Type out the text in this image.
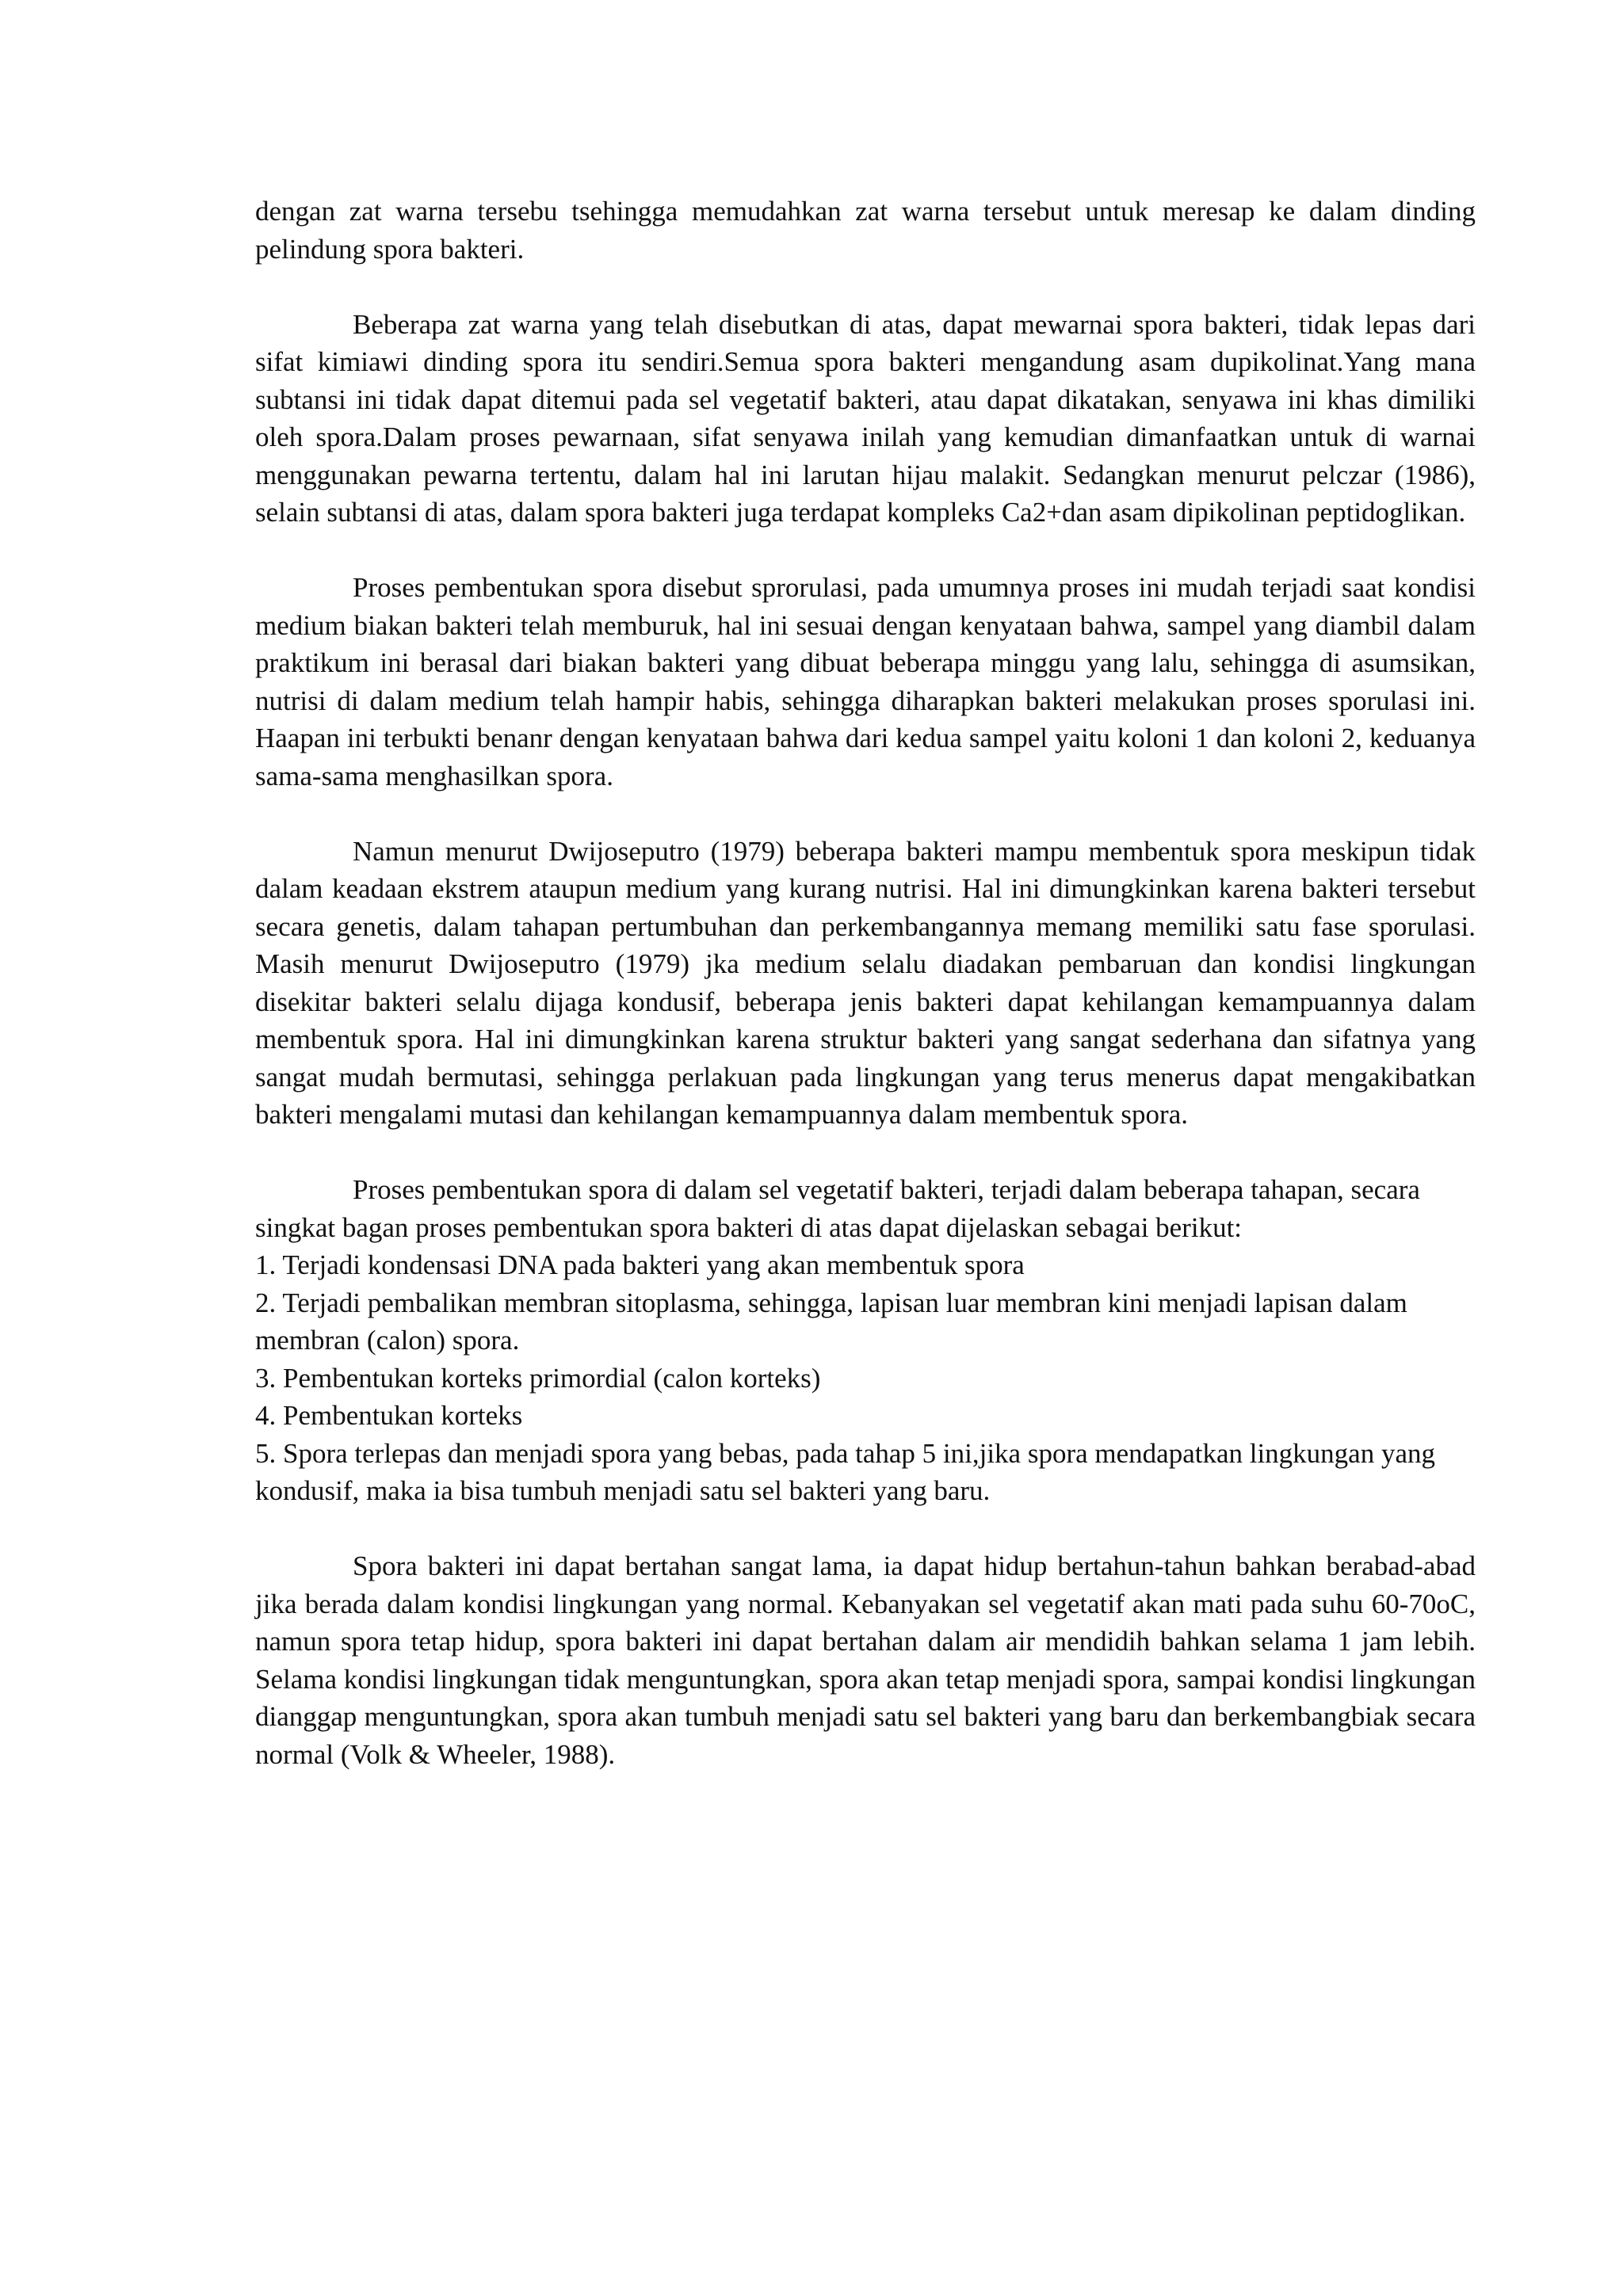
dengan zat warna tersebu tsehingga memudahkan zat warna tersebut untuk meresap ke dalam dinding pelindung spora bakteri.

Beberapa zat warna yang telah disebutkan di atas, dapat mewarnai spora bakteri, tidak lepas dari sifat kimiawi dinding spora itu sendiri.Semua spora bakteri mengandung asam dupikolinat.Yang mana subtansi ini tidak dapat ditemui pada sel vegetatif bakteri, atau dapat dikatakan, senyawa ini khas dimiliki oleh spora.Dalam proses pewarnaan, sifat senyawa inilah yang kemudian dimanfaatkan untuk di warnai menggunakan pewarna tertentu, dalam hal ini larutan hijau malakit. Sedangkan menurut pelczar (1986), selain subtansi di atas, dalam spora bakteri juga terdapat kompleks Ca2+dan asam dipikolinan peptidoglikan.

Proses pembentukan spora disebut sprorulasi, pada umumnya proses ini mudah terjadi saat kondisi medium biakan bakteri telah memburuk, hal ini sesuai dengan kenyataan bahwa, sampel yang diambil dalam praktikum ini berasal dari biakan bakteri yang dibuat beberapa minggu yang lalu, sehingga di asumsikan, nutrisi di dalam medium telah hampir habis, sehingga diharapkan bakteri melakukan proses sporulasi ini. Haapan ini terbukti benanr dengan kenyataan bahwa dari kedua sampel yaitu koloni 1 dan koloni 2, keduanya sama-sama menghasilkan spora.

Namun menurut Dwijoseputro (1979) beberapa bakteri mampu membentuk spora meskipun tidak dalam keadaan ekstrem ataupun medium yang kurang nutrisi. Hal ini dimungkinkan karena bakteri tersebut secara genetis, dalam tahapan pertumbuhan dan perkembangannya memang memiliki satu fase sporulasi. Masih menurut Dwijoseputro (1979) jka medium selalu diadakan pembaruan dan kondisi lingkungan disekitar bakteri selalu dijaga kondusif, beberapa jenis bakteri dapat kehilangan kemampuannya dalam membentuk spora. Hal ini dimungkinkan karena struktur bakteri yang sangat sederhana dan sifatnya yang sangat mudah bermutasi, sehingga perlakuan pada lingkungan yang terus menerus dapat mengakibatkan bakteri mengalami mutasi dan kehilangan kemampuannya dalam membentuk spora.

Proses pembentukan spora di dalam sel vegetatif bakteri, terjadi dalam beberapa tahapan, secara singkat bagan proses pembentukan spora bakteri di atas dapat dijelaskan sebagai berikut:

1. Terjadi kondensasi DNA pada bakteri yang akan membentuk spora
2. Terjadi pembalikan membran sitoplasma, sehingga, lapisan luar membran kini menjadi lapisan dalam membran (calon) spora.
3. Pembentukan korteks primordial (calon korteks)
4. Pembentukan korteks
5. Spora terlepas dan menjadi spora yang bebas, pada tahap 5 ini,jika spora mendapatkan lingkungan yang kondusif, maka ia bisa tumbuh menjadi satu sel bakteri yang baru.

Spora bakteri ini dapat bertahan sangat lama, ia dapat hidup bertahun-tahun bahkan berabad-abad jika berada dalam kondisi lingkungan yang normal. Kebanyakan sel vegetatif akan mati pada suhu 60-70oC, namun spora tetap hidup, spora bakteri ini dapat bertahan dalam air mendidih bahkan selama 1 jam lebih. Selama kondisi lingkungan tidak menguntungkan, spora akan tetap menjadi spora, sampai kondisi lingkungan dianggap menguntungkan, spora akan tumbuh menjadi satu sel bakteri yang baru dan berkembangbiak secara normal (Volk & Wheeler, 1988).
